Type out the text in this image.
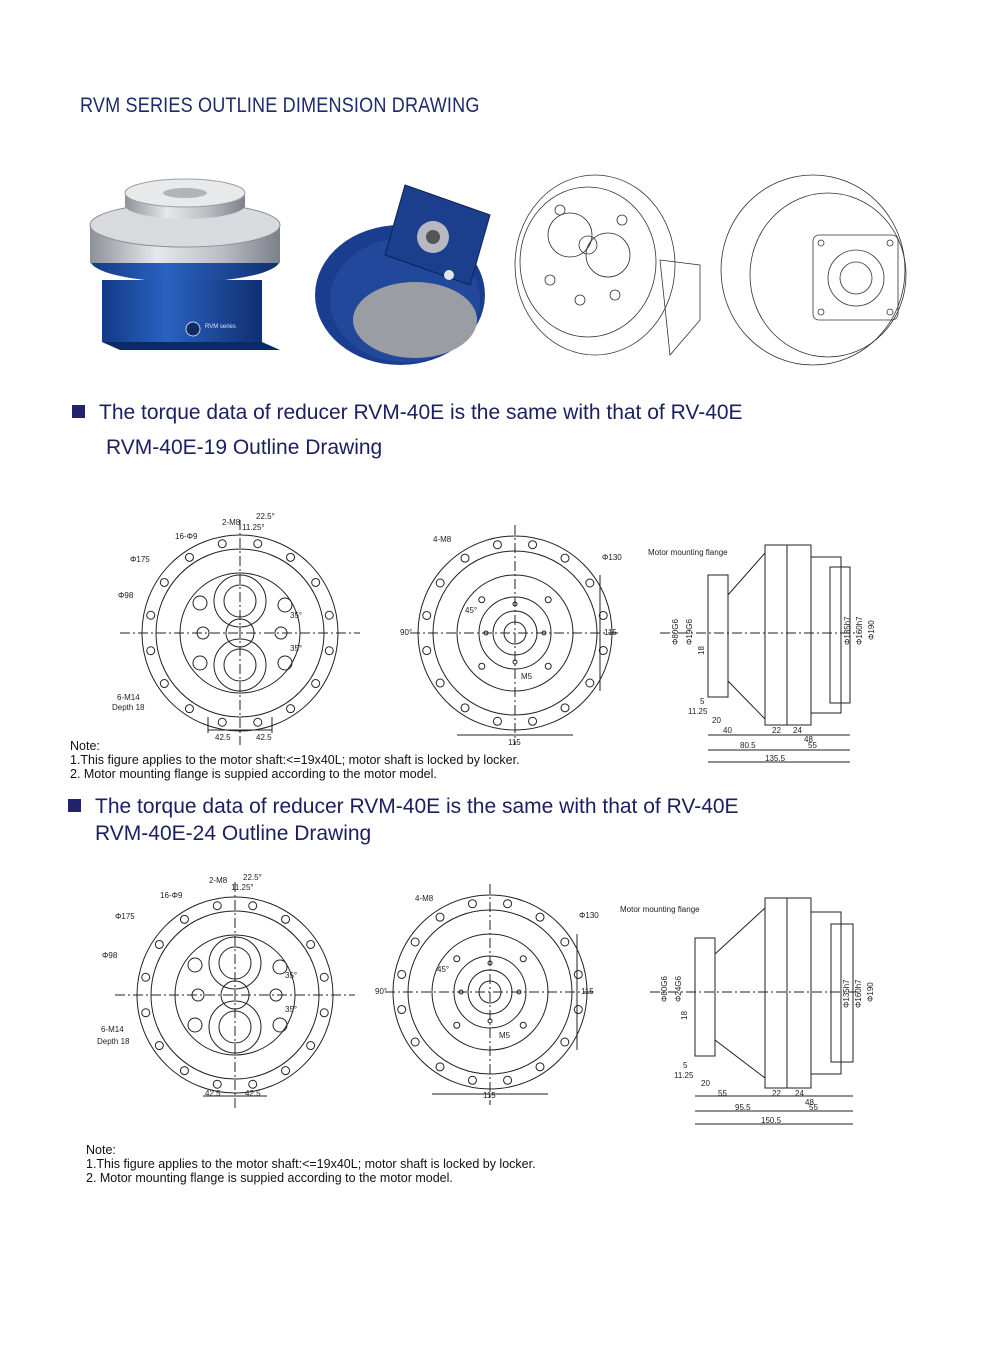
RVM SERIES OUTLINE DIMENSION DRAWING
RVM series
The torque data of reducer RVM-40E is the same with that of RV-40E
RVM-40E-19 Outline Drawing
2-M8
22.5°
11.25°
16-Φ9
Φ175
Φ98
35°
35°
6-M14
Depth 18
42.5	42.5
4-M8
Φ130
45°
90°	115
M5
115
Motor mounting flange
Φ80G6 Φ19G6
18
Φ135h7 Φ160h7 Φ190
5
11.25
20
40	22 24
48
80.5	55
135.5
Note:
1.This figure applies to the motor shaft:<=19x40L; motor shaft is locked by locker.
2. Motor mounting flange is suppied according to the motor model.
The torque data of reducer RVM-40E is the same with that of RV-40E
RVM-40E-24 Outline Drawing
2-M8 22.5°
11.25°
16-Φ9
Φ175
Φ98
35°
35°
6-M14
Depth 18
42.5	42.5
4-M8
Φ130
45°
90°	115
M5
115
Motor mounting flange
Φ80G6 Φ24G6
18
Φ135h7 Φ160h7 Φ190
5
11.25
20
55	22 24
48
95.5	55
150.5
Note:
1.This figure applies to the motor shaft:<=19x40L; motor shaft is locked by locker.
2. Motor mounting flange is suppied according to the motor model.
